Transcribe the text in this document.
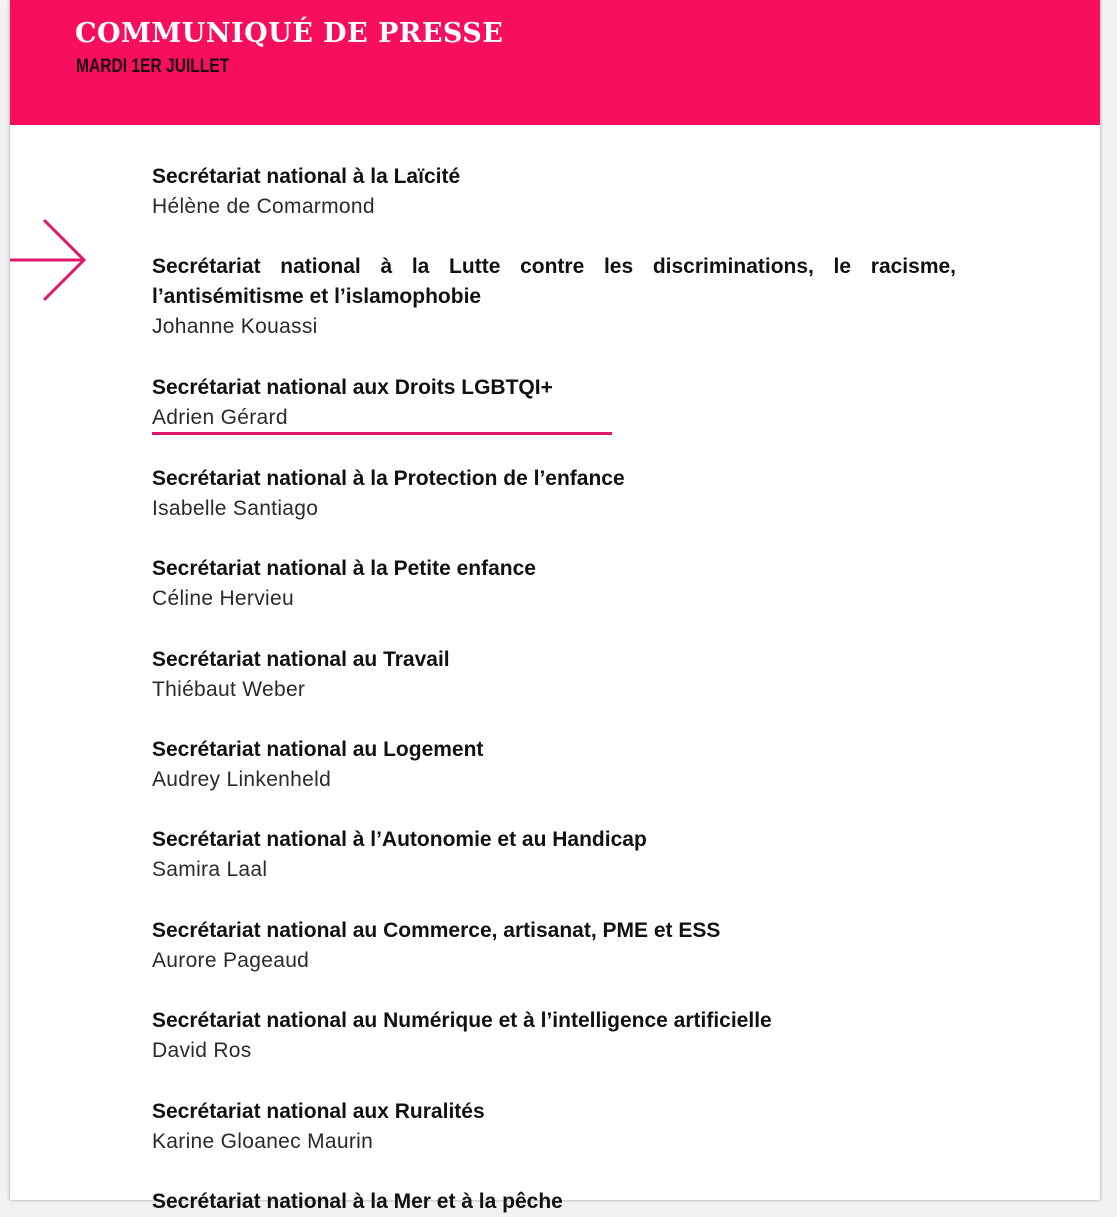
COMMUNIQUÉ DE PRESSE
MARDI 1ER JUILLET
Secrétariat national à la Laïcité
Hélène de Comarmond
Secrétariat national à la Lutte contre les discriminations, le racisme, l’antisémitisme et l’islamophobie
Johanne Kouassi
Secrétariat national aux Droits LGBTQI+
Adrien Gérard
Secrétariat national à la Protection de l’enfance
Isabelle Santiago
Secrétariat national à la Petite enfance
Céline Hervieu
Secrétariat national au Travail
Thiébaut Weber
Secrétariat national au Logement
Audrey Linkenheld
Secrétariat national à l’Autonomie et au Handicap
Samira Laal
Secrétariat national au Commerce, artisanat, PME et ESS
Aurore Pageaud
Secrétariat national au Numérique et à l’intelligence artificielle
David Ros
Secrétariat national aux Ruralités
Karine Gloanec Maurin
Secrétariat national à la Mer et à la pêche
